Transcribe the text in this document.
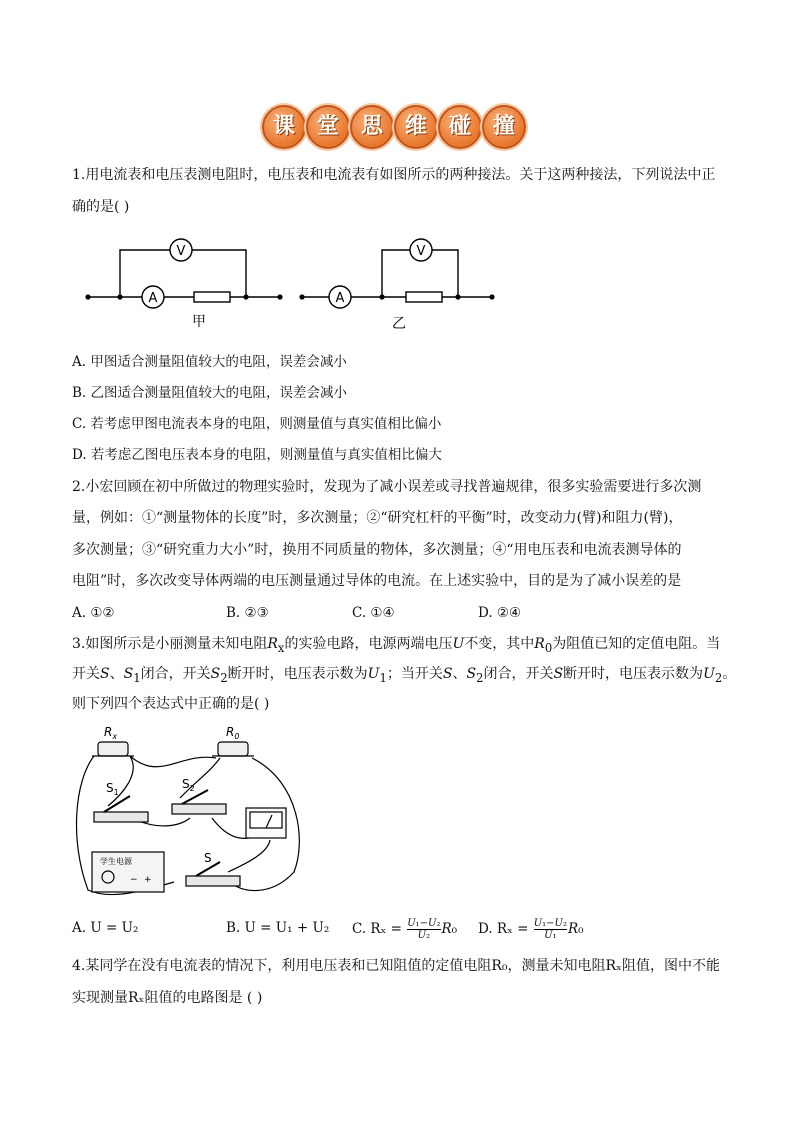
课 堂 思 维 碰 撞
1.用电流表和电压表测电阻时，电压表和电流表有如图所示的两种接法。关于这两种接法，下列说法中正
确的是( )
A
V
A
V
甲	乙
A. 甲图适合测量阻值较大的电阻，误差会减小
B. 乙图适合测量阻值较大的电阻，误差会减小
C. 若考虑甲图电流表本身的电阻，则测量值与真实值相比偏小
D. 若考虑乙图电压表本身的电阻，则测量值与真实值相比偏大
2.小宏回顾在初中所做过的物理实验时，发现为了减小误差或寻找普遍规律，很多实验需要进行多次测
量，例如：①“测量物体的长度”时，多次测量；②“研究杠杆的平衡”时，改变动力(臂)和阻力(臂)，
多次测量；③“研究重力大小”时，换用不同质量的物体，多次测量；④“用电压表和电流表测导体的
电阻”时，多次改变导体两端的电压测量通过导体的电流。在上述实验中，目的是为了减小误差的是
A. ①②	B. ②③	C. ①④	D. ②④
3.如图所示是小丽测量未知电阻$R_x$的实验电路，电源两端电压U不变，其中$R_0$为阻值已知的定值电阻。当
开关S、$S_1$闭合，开关$S_2$断开时，电压表示数为$U_1$；当开关S、$S_2$闭合，开关S断开时，电压表示数为$U_2$。
则下列四个表达式中正确的是( )
$R_x$	$R_0$
$S_1$
$S_2$
S
学生电源
− +
A. U = U₂	B. U = U₁ + U₂ C. $R_x = \frac{\text{U₁−U₂}}{\text{U₂}} R_0$ D. $R_x = \frac{\text{U₁−U₂}}{\text{U₁}} R_0$
4.某同学在没有电流表的情况下，利用电压表和已知阻值的定值电阻R₀，测量未知电阻Rₓ阻值，图中不能
实现测量Rₓ阻值的电路图是 ( )
